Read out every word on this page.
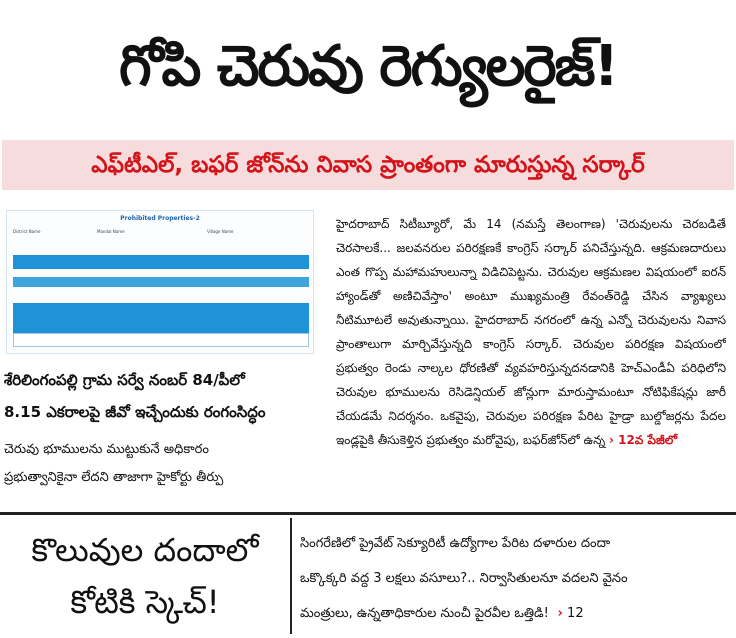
గోపి చెరువు రెగ్యులరైజ్!
ఎఫ్‌టీఎల్, బఫర్ జోన్‌ను నివాస ప్రాంతంగా మారుస్తున్న సర్కార్
Prohibited Properties-2
District Name	Mandal Name	Village Name
హైదరాబాద్ సిటీబ్యూరో, మే 14 (నమస్తే తెలంగాణ) 'చెరువులను చెరబడితే చెరసాలకే... జలవనరుల పరిరక్షణకే కాంగ్రెస్ సర్కార్ పనిచేస్తున్నది. ఆక్రమణదారులు ఎంత గొప్ప మహామహులున్నా విడిచిపెట్టను. చెరువుల ఆక్రమణల విషయంలో ఐరన్ హ్యాండ్‌తో అణిచివేస్తాం' అంటూ ముఖ్యమంత్రి రేవంత్‌రెడ్డి చేసిన వ్యాఖ్యలు నీటిమూటలే అవుతున్నాయి. హైదరాబాద్ నగరంలో ఉన్న ఎన్నో చెరువులను నివాస ప్రాంతాలుగా మార్చివేస్తున్నది కాంగ్రెస్ సర్కార్. చెరువుల పరిరక్షణ విషయంలో ప్రభుత్వం రెండు నాల్కల ధోరణితో వ్యవహరిస్తున్నదనడానికి హెచ్ఎండీఏ పరిధిలోని చెరువుల భూములను రెసిడెన్షియల్ జోన్లుగా మారుస్తామంటూ నోటిఫికేషన్లు జారీ చేయడమే నిదర్శనం. ఒకవైపు, చెరువుల పరిరక్షణ పేరిట హైడ్రా బుల్డోజర్లను పేదల ఇండ్లపైకి తీసుకెళ్తిన ప్రభుత్వం మరోవైపు, బఫర్‌జోన్‌లో ఉన్న › 12వ పేజీలో
శేరిలింగంపల్లి గ్రామ సర్వే నంబర్ 84/పీలో
8.15 ఎకరాలపై జీవో ఇచ్చేందుకు రంగంసిద్ధం
చెరువు భూములను ముట్టుకునే అధికారం
ప్రభుత్వానికైనా లేదని తాజాగా హైకోర్టు తీర్పు
కొలువుల దందాలో
కోటికి స్కెచ్!
సింగరేణిలో ప్రైవేట్ సెక్యూరిటీ ఉద్యోగాల పేరిట దళారుల దందా
ఒక్కొక్కరి వద్ద 3 లక్షలు వసూలు?.. నిర్వాసితులనూ వదలని వైనం
మంత్రులు, ఉన్నతాధికారుల నుంచీ పైరవీల ఒత్తిడి!  › 12
